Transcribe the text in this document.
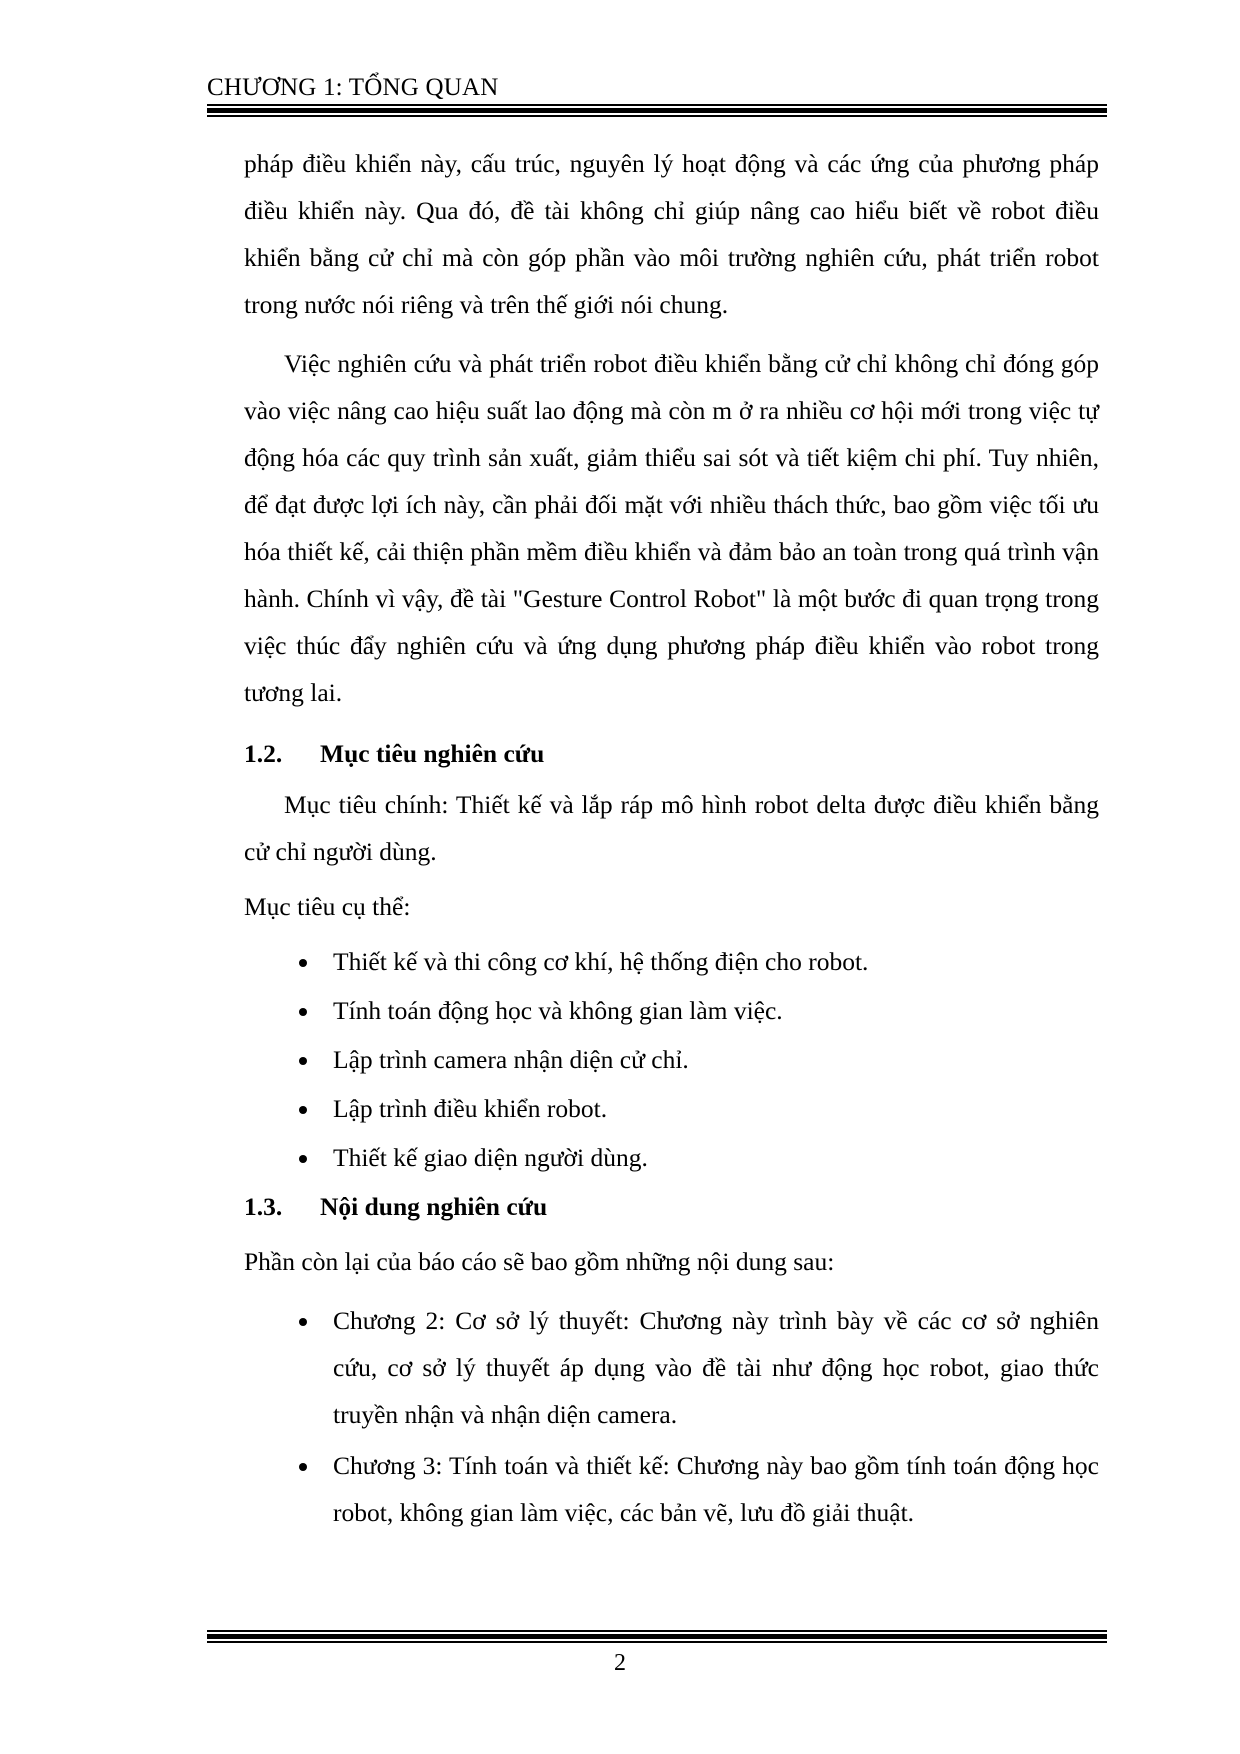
CHƯƠNG 1: TỔNG QUAN

pháp điều khiển này, cấu trúc, nguyên lý hoạt động và các ứng của phương pháp điều khiển này. Qua đó, đề tài không chỉ giúp nâng cao hiểu biết về robot điều khiển bằng cử chỉ mà còn góp phần vào môi trường nghiên cứu, phát triển robot trong nước nói riêng và trên thế giới nói chung.

Việc nghiên cứu và phát triển robot điều khiển bằng cử chỉ không chỉ đóng góp vào việc nâng cao hiệu suất lao động mà còn m ở ra nhiều cơ hội mới trong việc tự động hóa các quy trình sản xuất, giảm thiểu sai sót và tiết kiệm chi phí. Tuy nhiên, để đạt được lợi ích này, cần phải đối mặt với nhiều thách thức, bao gồm việc tối ưu hóa thiết kế, cải thiện phần mềm điều khiển và đảm bảo an toàn trong quá trình vận hành. Chính vì vậy, đề tài "Gesture Control Robot" là một bước đi quan trọng trong việc thúc đẩy nghiên cứu và ứng dụng phương pháp điều khiển vào robot trong tương lai.

1.2.	Mục tiêu nghiên cứu

Mục tiêu chính: Thiết kế và lắp ráp mô hình robot delta được điều khiển bằng cử chỉ người dùng.

Mục tiêu cụ thể:

Thiết kế và thi công cơ khí, hệ thống điện cho robot.
Tính toán động học và không gian làm việc.
Lập trình camera nhận diện cử chỉ.
Lập trình điều khiển robot.
Thiết kế giao diện người dùng.
1.3.	Nội dung nghiên cứu

Phần còn lại của báo cáo sẽ bao gồm những nội dung sau:

Chương 2: Cơ sở lý thuyết: Chương này trình bày về các cơ sở nghiên cứu, cơ sở lý thuyết áp dụng vào đề tài như động học robot, giao thức truyền nhận và nhận diện camera.
Chương 3: Tính toán và thiết kế: Chương này bao gồm tính toán động học robot, không gian làm việc, các bản vẽ, lưu đồ giải thuật.
2
